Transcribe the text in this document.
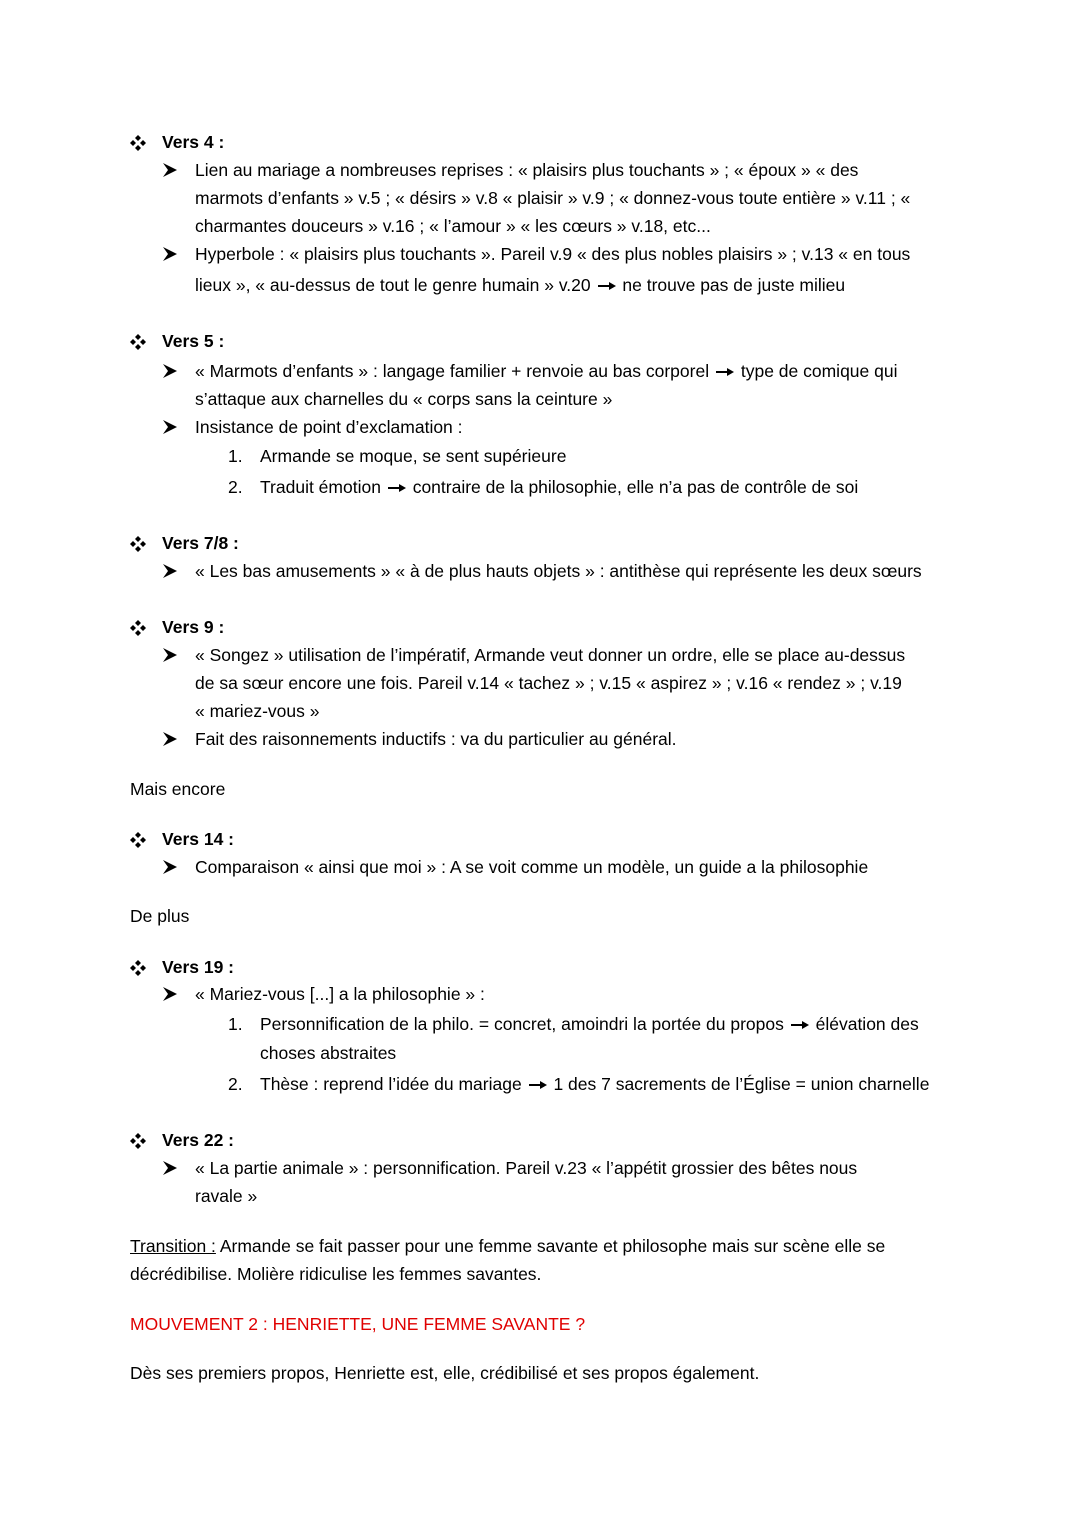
Vers 4 :
Lien au mariage a nombreuses reprises : « plaisirs plus touchants » ; « époux » « des
marmots d’enfants » v.5 ; « désirs » v.8 « plaisir » v.9 ; « donnez-vous toute entière » v.11 ; «
charmantes douceurs » v.16 ; « l’amour » « les cœurs » v.18, etc...
Hyperbole : « plaisirs plus touchants ». Pareil v.9 « des plus nobles plaisirs » ; v.13 « en tous
lieux », « au-dessus de tout le genre humain » v.20 ne trouve pas de juste milieu
Vers 5 :
« Marmots d’enfants » : langage familier + renvoie au bas corporel type de comique qui
s’attaque aux charnelles du « corps sans la ceinture »
Insistance de point d’exclamation :
1. Armande se moque, se sent supérieure
2. Traduit émotion contraire de la philosophie, elle n’a pas de contrôle de soi
Vers 7/8 :
« Les bas amusements » « à de plus hauts objets » : antithèse qui représente les deux sœurs
Vers 9 :
« Songez » utilisation de l’impératif, Armande veut donner un ordre, elle se place au-dessus
de sa sœur encore une fois. Pareil v.14 « tachez » ; v.15 « aspirez » ; v.16 « rendez » ; v.19
« mariez-vous »
Fait des raisonnements inductifs : va du particulier au général.
Mais encore
Vers 14 :
Comparaison « ainsi que moi » : A se voit comme un modèle, un guide a la philosophie
De plus
Vers 19 :
« Mariez-vous [...] a la philosophie » :
1. Personnification de la philo. = concret, amoindri la portée du propos élévation des
choses abstraites
2. Thèse : reprend l’idée du mariage 1 des 7 sacrements de l’Église = union charnelle
Vers 22 :
« La partie animale » : personnification. Pareil v.23 « l’appétit grossier des bêtes nous
ravale »
Transition : Armande se fait passer pour une femme savante et philosophe mais sur scène elle se
décrédibilise. Molière ridiculise les femmes savantes.
MOUVEMENT 2 : HENRIETTE, UNE FEMME SAVANTE ?
Dès ses premiers propos, Henriette est, elle, crédibilisé et ses propos également.
